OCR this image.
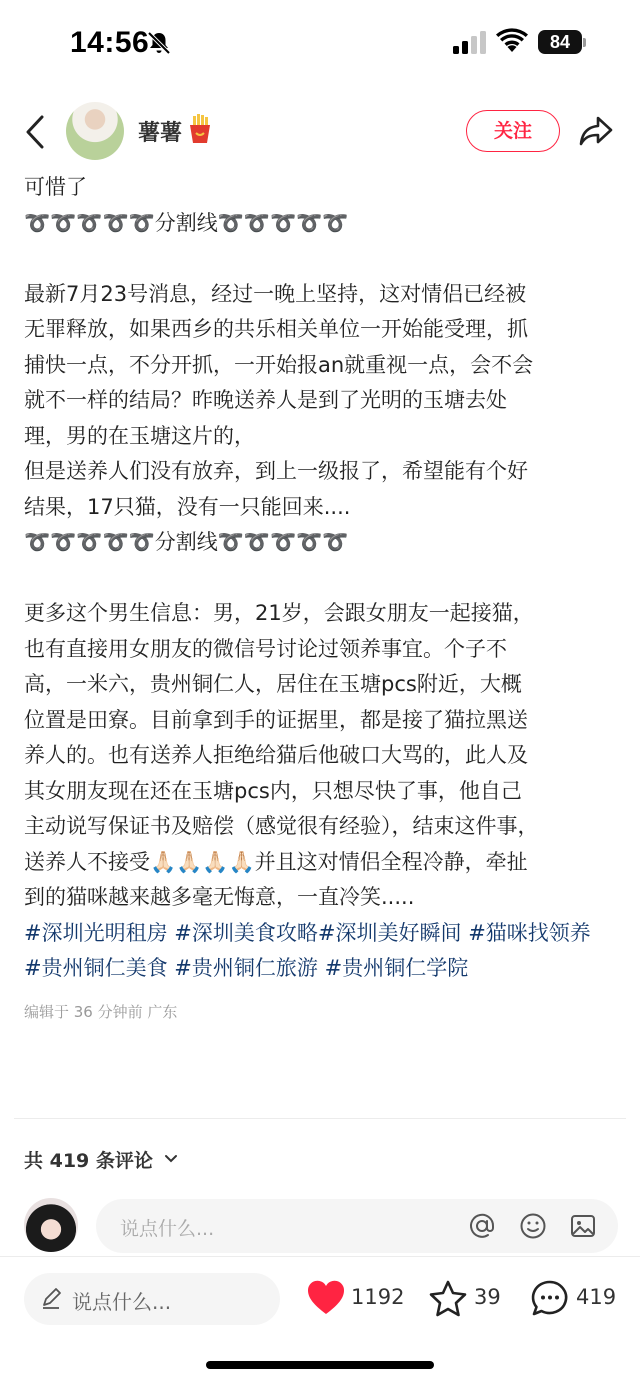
14:56	84
薯薯	关注
可惜了
➰➰➰➰➰分割线➰➰➰➰➰
最新7月23号消息，经过一晚上坚持，这对情侣已经被
无罪释放，如果西乡的共乐相关单位一开始能受理，抓
捕快一点，不分开抓，一开始报an就重视一点，会不会
就不一样的结局？昨晚送养人是到了光明的玉塘去处
理，男的在玉塘这片的，
但是送养人们没有放弃，到上一级报了，希望能有个好
结果，17只猫，没有一只能回来....
➰➰➰➰➰分割线➰➰➰➰➰
更多这个男生信息：男，21岁，会跟女朋友一起接猫，
也有直接用女朋友的微信号讨论过领养事宜。个子不
高，一米六，贵州铜仁人，居住在玉塘pcs附近，大概
位置是田寮。目前拿到手的证据里，都是接了猫拉黑送
养人的。也有送养人拒绝给猫后他破口大骂的，此人及
其女朋友现在还在玉塘pcs内，只想尽快了事，他自己
主动说写保证书及赔偿（感觉很有经验），结束这件事，
送养人不接受🙏🏻🙏🏻🙏🏻🙏🏻并且这对情侣全程冷静，牵扯
到的猫咪越来越多毫无悔意，一直冷笑.....
#深圳光明租房 #深圳美食攻略#深圳美好瞬间 #猫咪找领养#贵州铜仁美食 #贵州铜仁旅游 #贵州铜仁学院
编辑于 36 分钟前 广东
共 419 条评论
说点什么...
说点什么...	1192	39	419
